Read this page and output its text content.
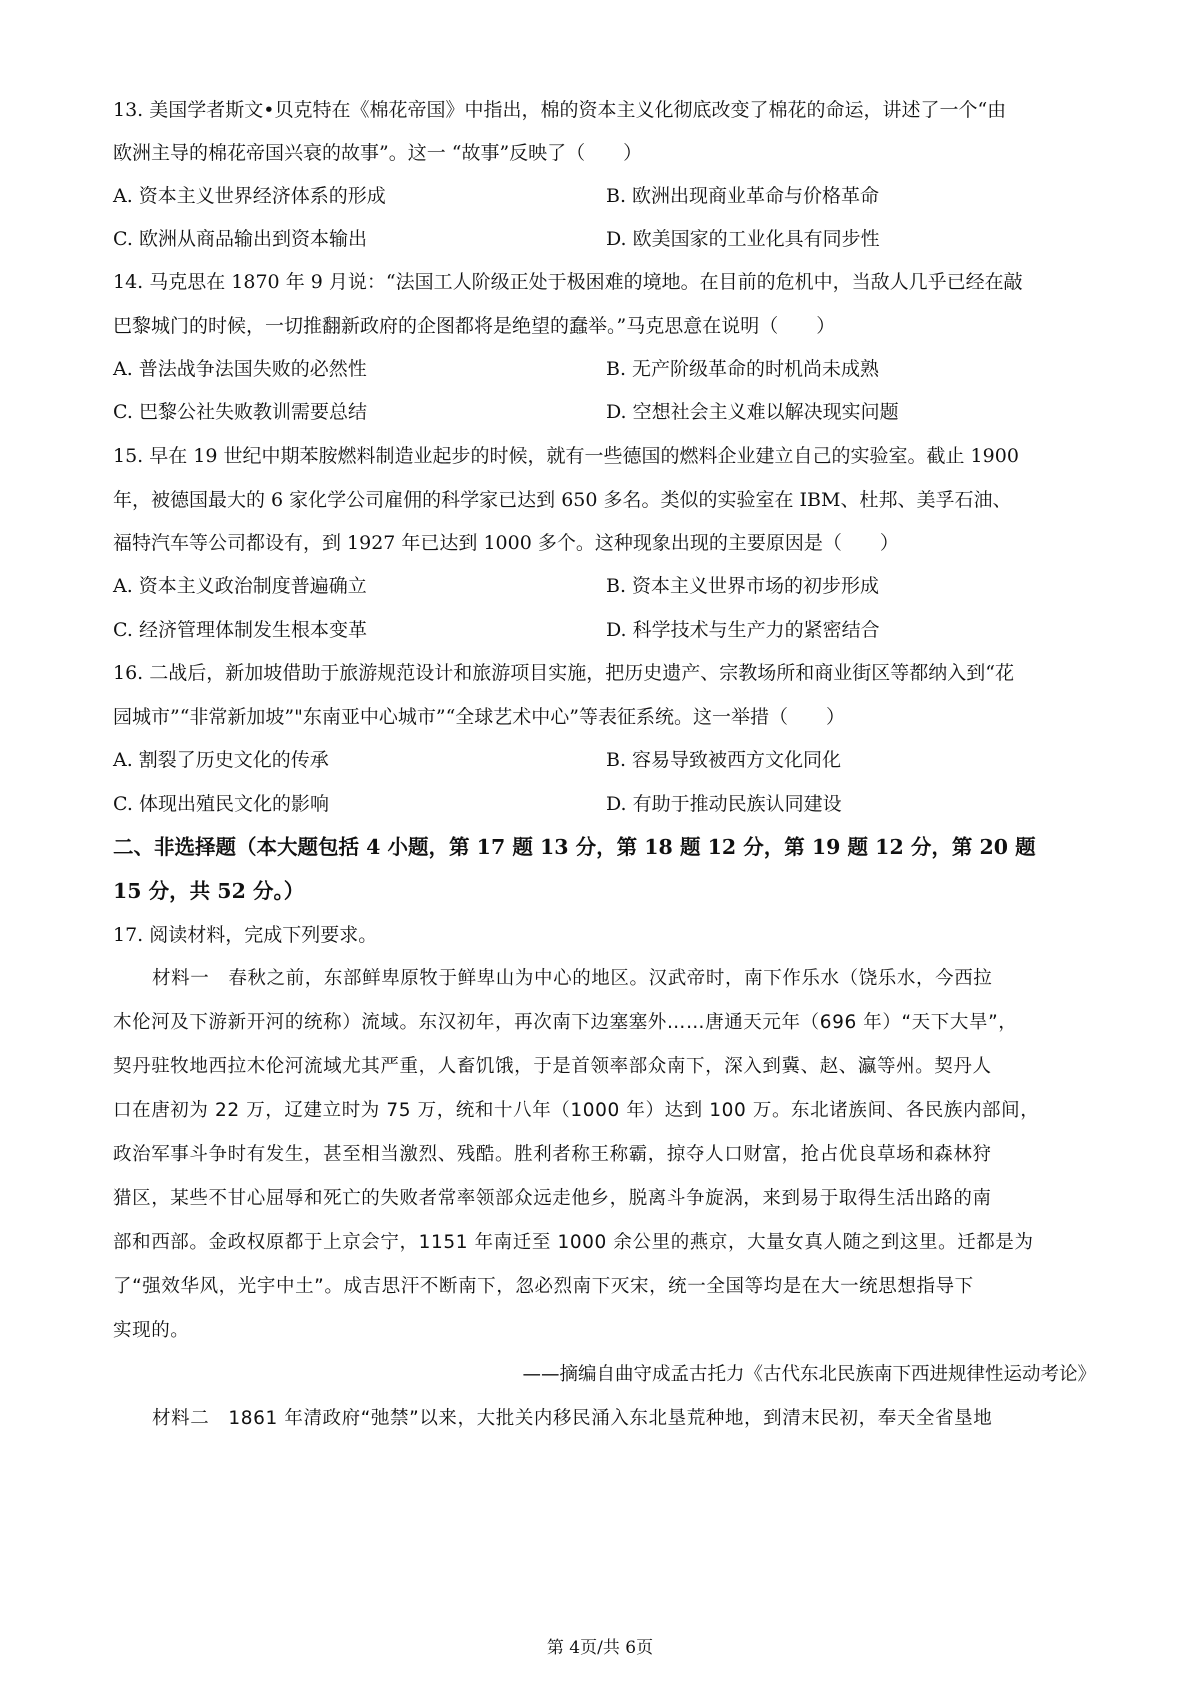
13. 美国学者斯文•贝克特在《棉花帝国》中指出，棉的资本主义化彻底改变了棉花的命运，讲述了一个“由
欧洲主导的棉花帝国兴衰的故事”。这一 “故事”反映了（　　）
A. 资本主义世界经济体系的形成	B. 欧洲出现商业革命与价格革命
C. 欧洲从商品输出到资本输出	D. 欧美国家的工业化具有同步性
14. 马克思在 1870 年 9 月说：“法国工人阶级正处于极困难的境地。在目前的危机中，当敌人几乎已经在敲
巴黎城门的时候，一切推翻新政府的企图都将是绝望的蠢举。”马克思意在说明（　　）
A. 普法战争法国失败的必然性	B. 无产阶级革命的时机尚未成熟
C. 巴黎公社失败教训需要总结	D. 空想社会主义难以解决现实问题
15. 早在 19 世纪中期苯胺燃料制造业起步的时候，就有一些德国的燃料企业建立自己的实验室。截止 1900
年，被德国最大的 6 家化学公司雇佣的科学家已达到 650 多名。类似的实验室在 IBM、杜邦、美孚石油、
福特汽车等公司都设有，到 1927 年已达到 1000 多个。这种现象出现的主要原因是（　　）
A. 资本主义政治制度普遍确立	B. 资本主义世界市场的初步形成
C. 经济管理体制发生根本变革	D. 科学技术与生产力的紧密结合
16. 二战后，新加坡借助于旅游规范设计和旅游项目实施，把历史遗产、宗教场所和商业街区等都纳入到“花
园城市”“非常新加坡”"东南亚中心城市”“全球艺术中心”等表征系统。这一举措（　　）
A. 割裂了历史文化的传承	B. 容易导致被西方文化同化
C. 体现出殖民文化的影响	D. 有助于推动民族认同建设
二、非选择题（本大题包括 4 小题，第 17 题 13 分，第 18 题 12 分，第 19 题 12 分，第 20 题
15 分，共 52 分。）
17. 阅读材料，完成下列要求。
材料一　春秋之前，东部鲜卑原牧于鲜卑山为中心的地区。汉武帝时，南下作乐水（饶乐水，今西拉
木伦河及下游新开河的统称）流域。东汉初年，再次南下边塞塞外……唐通天元年（696 年）“天下大旱”，
契丹驻牧地西拉木伦河流域尤其严重，人畜饥饿，于是首领率部众南下，深入到冀、赵、瀛等州。契丹人
口在唐初为 22 万，辽建立时为 75 万，统和十八年（1000 年）达到 100 万。东北诸族间、各民族内部间，
政治军事斗争时有发生，甚至相当激烈、残酷。胜利者称王称霸，掠夺人口财富，抢占优良草场和森林狩
猎区，某些不甘心屈辱和死亡的失败者常率领部众远走他乡，脱离斗争旋涡，来到易于取得生活出路的南
部和西部。金政权原都于上京会宁，1151 年南迁至 1000 余公里的燕京，大量女真人随之到这里。迁都是为
了“强效华风，光宇中土”。成吉思汗不断南下，忽必烈南下灭宋，统一全国等均是在大一统思想指导下
实现的。
——摘编自曲守成孟古托力《古代东北民族南下西进规律性运动考论》
材料二　1861 年清政府“弛禁”以来，大批关内移民涌入东北垦荒种地，到清末民初，奉天全省垦地
第 4页/共 6页
